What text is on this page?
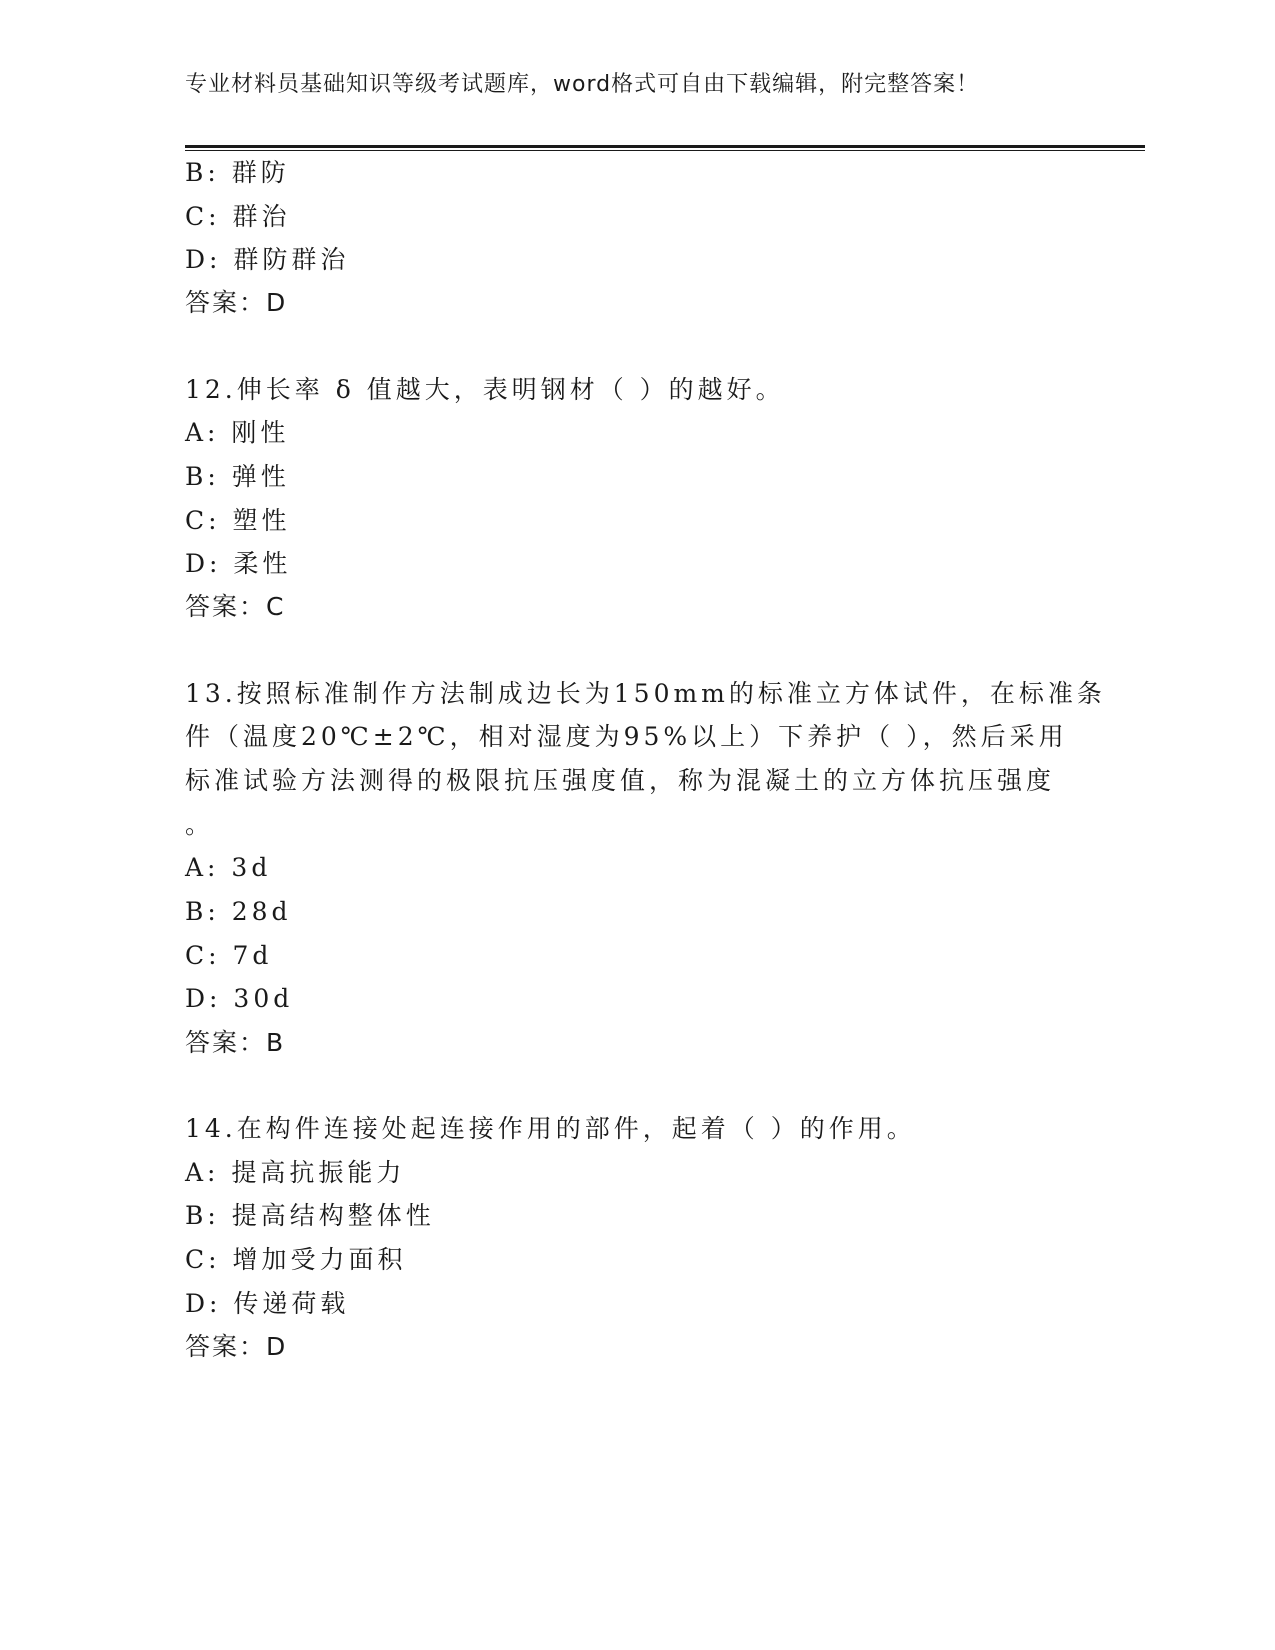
专业材料员基础知识等级考试题库，word格式可自由下载编辑，附完整答案！
B: 群防
C: 群治
D: 群防群治
答案：D
12.伸长率 δ 值越大，表明钢材（ ）的越好。
A: 刚性
B: 弹性
C: 塑性
D: 柔性
答案：C
13.按照标准制作方法制成边长为150mm的标准立方体试件，在标准条
件（温度20℃±2℃，相对湿度为95%以上）下养护（ ），然后采用
标准试验方法测得的极限抗压强度值，称为混凝土的立方体抗压强度
。
A: 3d
B: 28d
C: 7d
D: 30d
答案：B
14.在构件连接处起连接作用的部件，起着（ ）的作用。
A: 提高抗振能力
B: 提高结构整体性
C: 增加受力面积
D: 传递荷载
答案：D
